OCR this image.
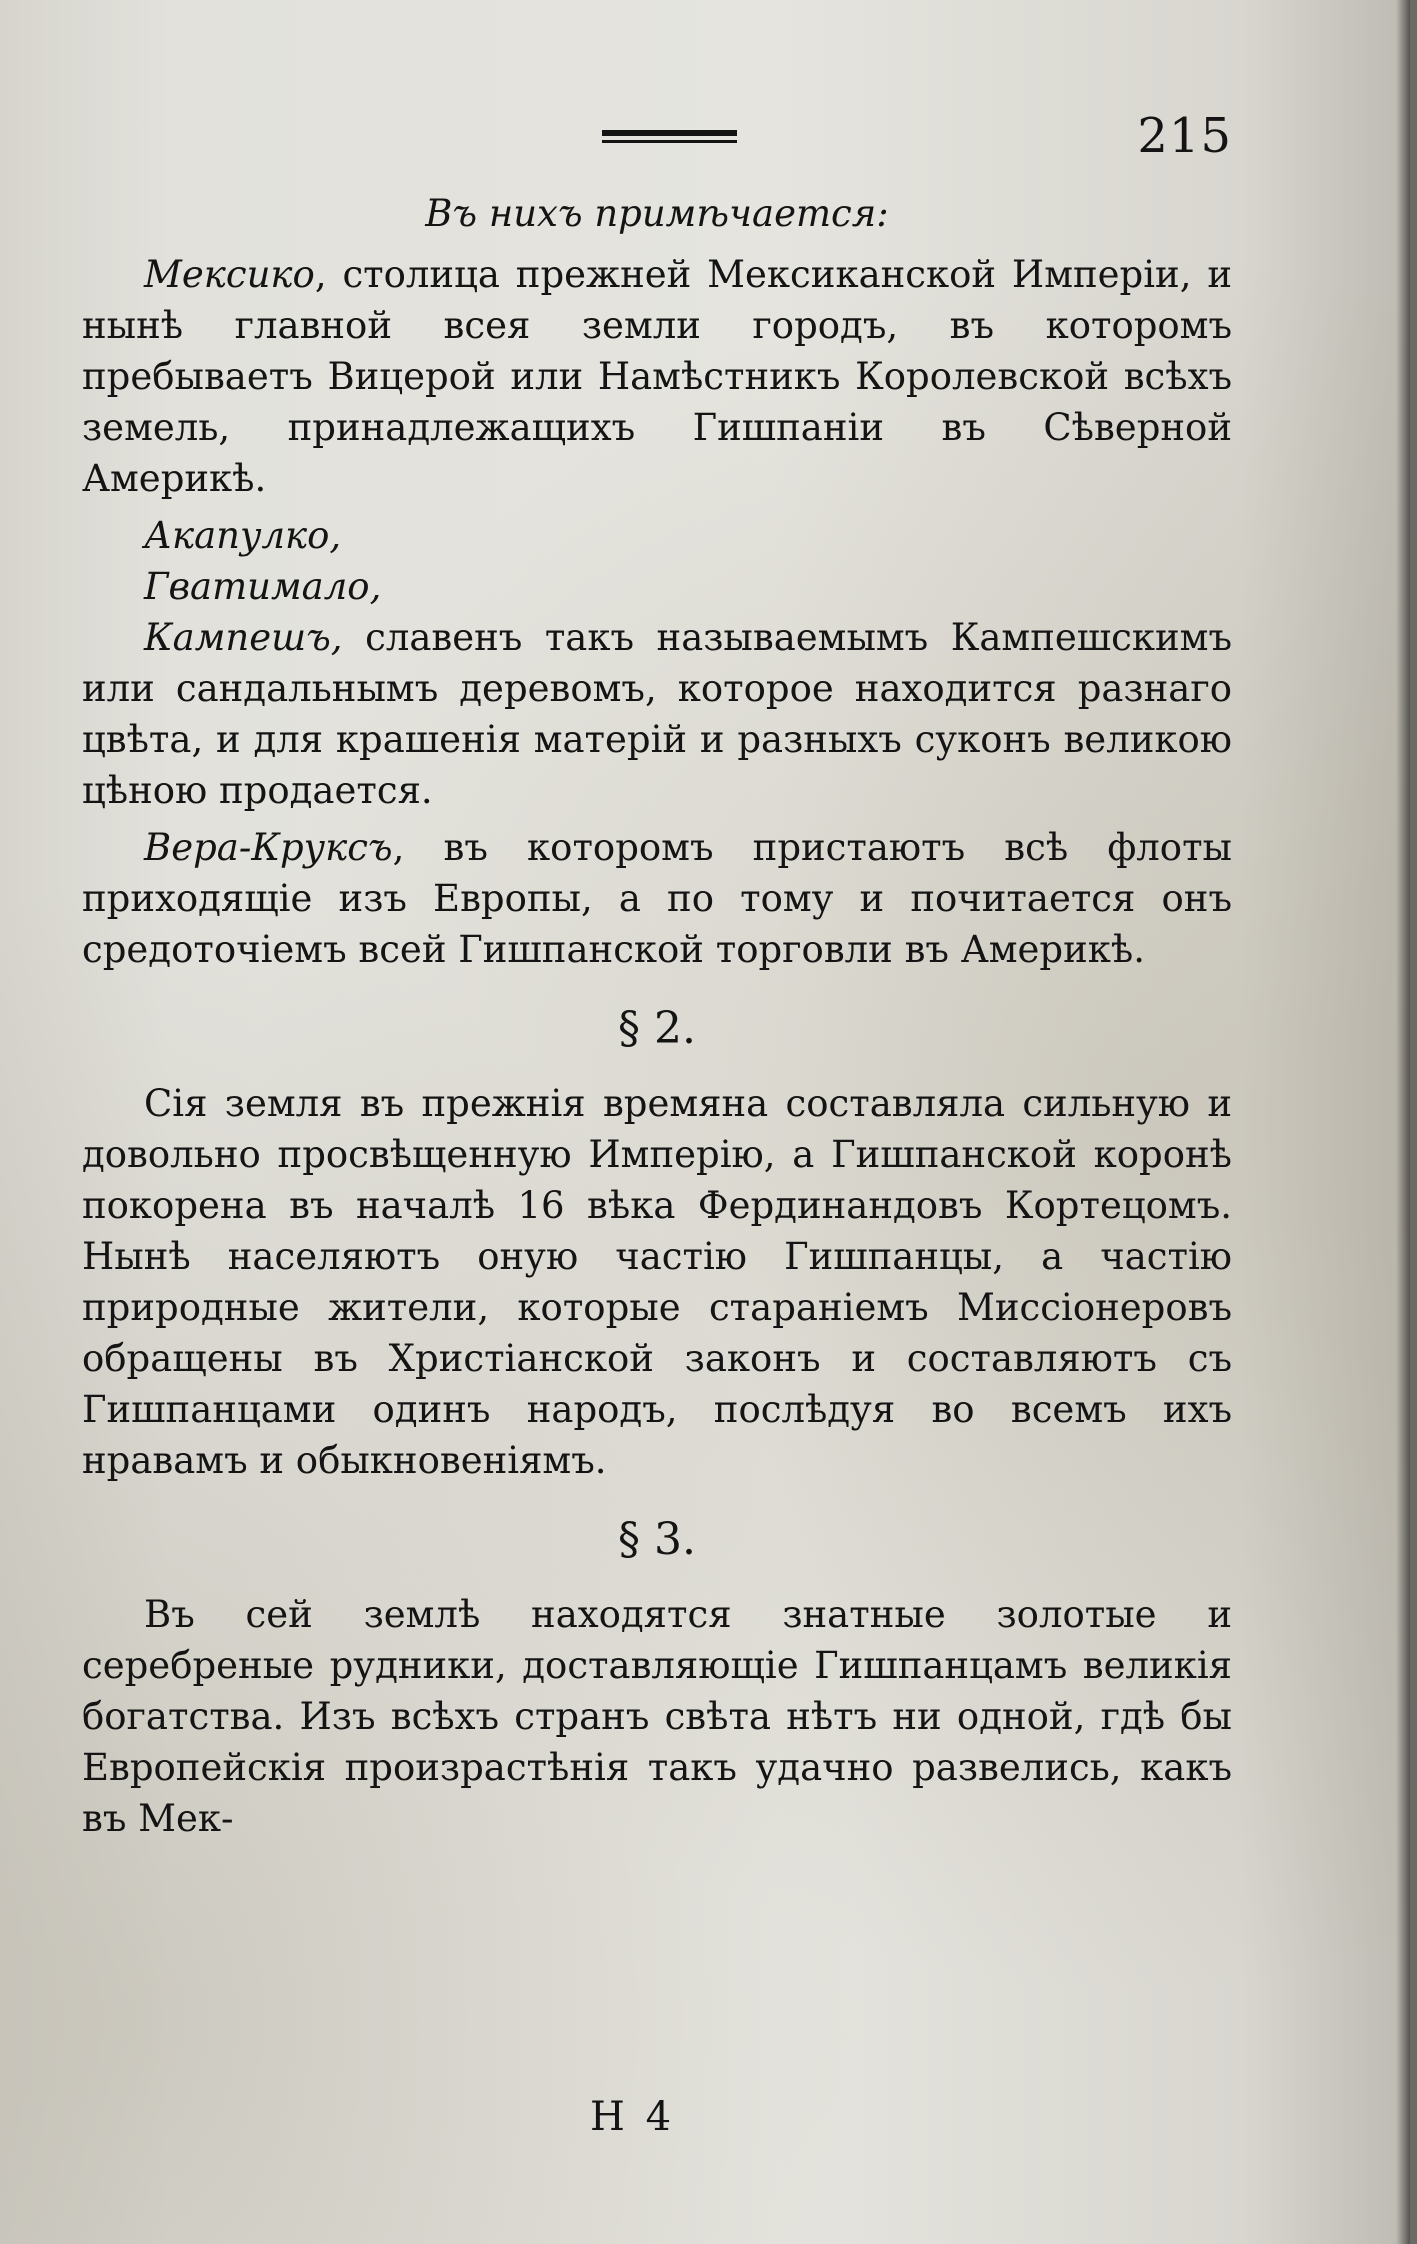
215
Въ нихъ примѣчается:

Мексико, столица прежней Мексиканской Имперіи, и нынѣ главной всея земли городъ, въ которомъ пребываетъ Вицерой или Намѣстникъ Королевской всѣхъ земель, принадлежащихъ Гишпаніи въ Сѣверной Америкѣ.

Акапулко,

Гватимало,

Кампешъ, славенъ такъ называемымъ Кампешскимъ или сандальнымъ деревомъ, которое находится разнаго цвѣта, и для крашенія матерій и разныхъ суконъ великою цѣною продается.

Вера-Круксъ, въ которомъ пристаютъ всѣ флоты приходящіе изъ Европы, а по тому и почитается онъ средоточіемъ всей Гишпанской торговли въ Америкѣ.

§ 2.

Сія земля въ прежнія времяна составляла сильную и довольно просвѣщенную Имперію, а Гишпанской коронѣ покорена въ началѣ 16 вѣка Фердинандовъ Кортецомъ. Нынѣ населяютъ оную частію Гишпанцы, а частію природные жители, которые стараніемъ Миссіонеровъ обращены въ Христіанской законъ и составляютъ съ Гишпанцами одинъ народъ, послѣдуя во всемъ ихъ нравамъ и обыкновеніямъ.

§ 3.

Въ сей землѣ находятся знатные золотые и серебреные рудники, доставляющіе Гишпанцамъ великія богатства. Изъ всѣхъ странъ свѣта нѣтъ ни одной, гдѣ бы Европейскія произрастѣнія такъ удачно развелись, какъ въ Мек-

Н 4
